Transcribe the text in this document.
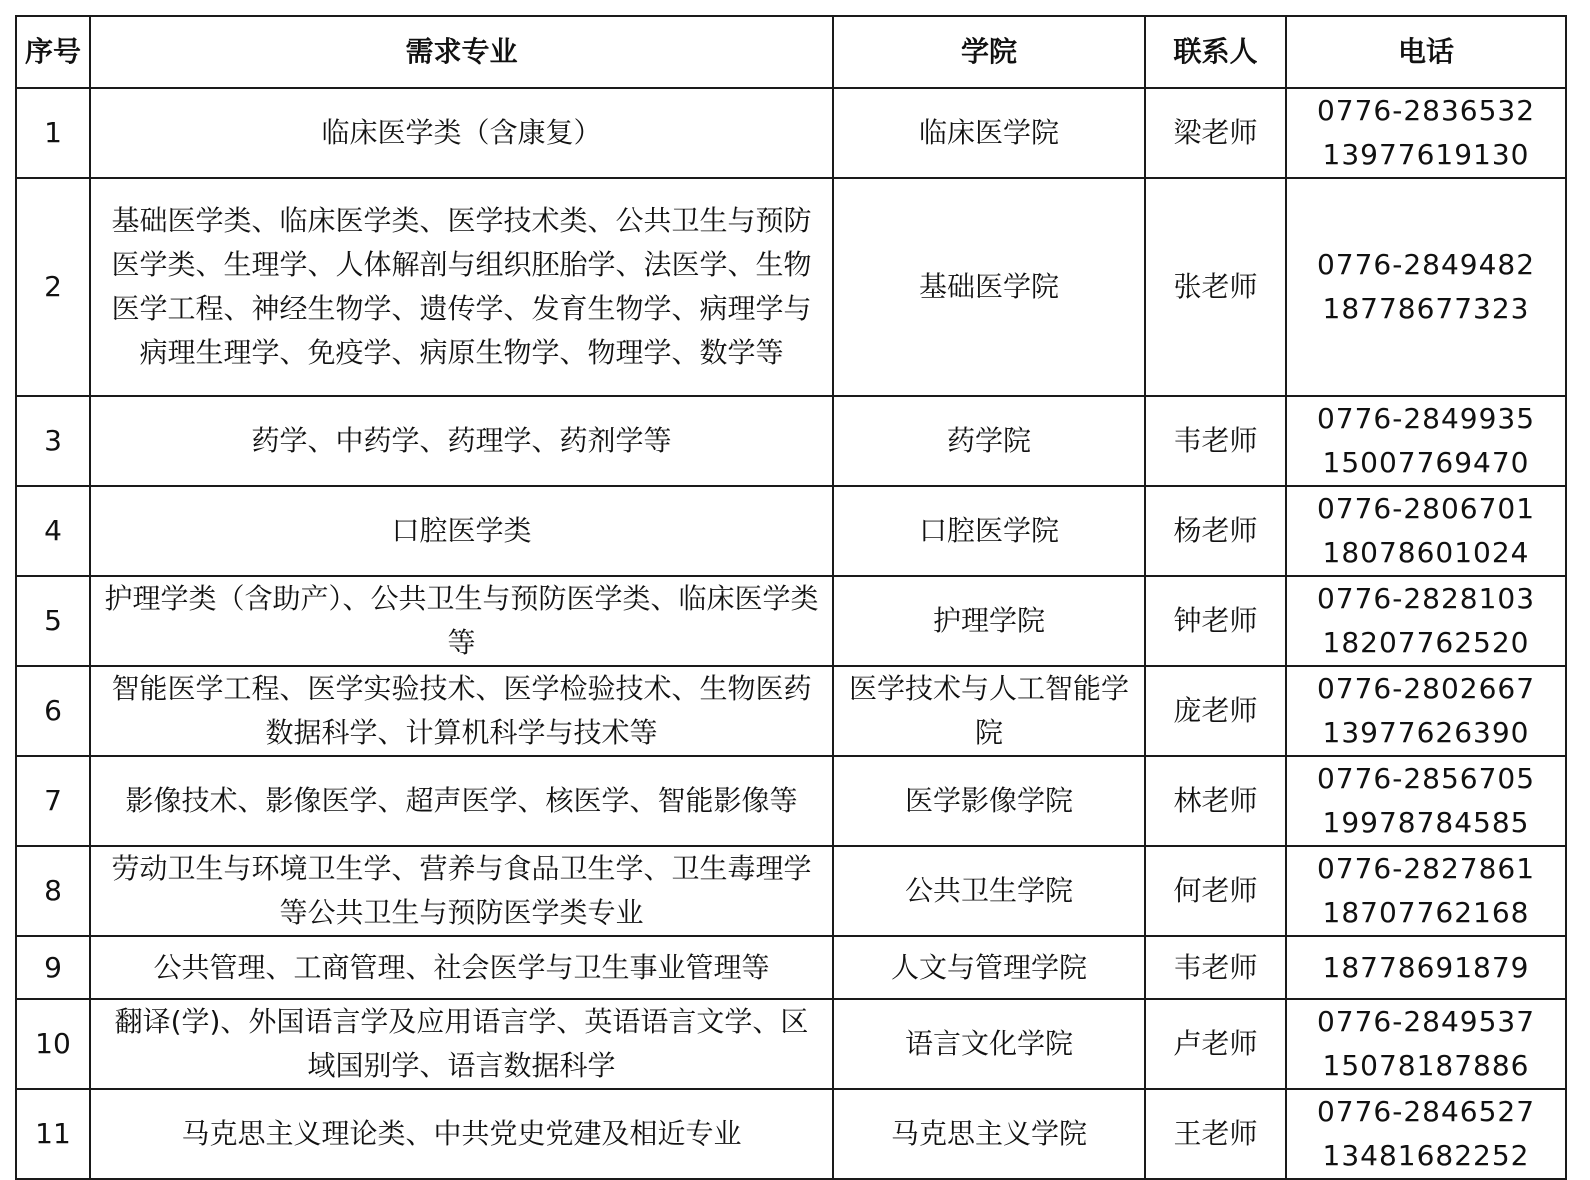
序号	需求专业	学院	联系人	电话
1	临床医学类（含康复）	临床医学院	梁老师	0776-2836532
13977619130
2	基础医学类、临床医学类、医学技术类、公共卫生与预防医学类、生理学、人体解剖与组织胚胎学、法医学、生物医学工程、神经生物学、遗传学、发育生物学、病理学与病理生理学、免疫学、病原生物学、物理学、数学等	基础医学院	张老师	0776-2849482
18778677323
3	药学、中药学、药理学、药剂学等	药学院	韦老师	0776-2849935
15007769470
4	口腔医学类	口腔医学院	杨老师	0776-2806701
18078601024
5	护理学类（含助产）、公共卫生与预防医学类、临床医学类等	护理学院	钟老师	0776-2828103
18207762520
6	智能医学工程、医学实验技术、医学检验技术、生物医药数据科学、计算机科学与技术等	医学技术与人工智能学院	庞老师	0776-2802667
13977626390
7	影像技术、影像医学、超声医学、核医学、智能影像等	医学影像学院	林老师	0776-2856705
19978784585
8	劳动卫生与环境卫生学、营养与食品卫生学、卫生毒理学等公共卫生与预防医学类专业	公共卫生学院	何老师	0776-2827861
18707762168
9	公共管理、工商管理、社会医学与卫生事业管理等	人文与管理学院	韦老师	18778691879
10	翻译(学)、外国语言学及应用语言学、英语语言文学、区域国别学、语言数据科学	语言文化学院	卢老师	0776-2849537
15078187886
11	马克思主义理论类、中共党史党建及相近专业	马克思主义学院	王老师	0776-2846527
13481682252
